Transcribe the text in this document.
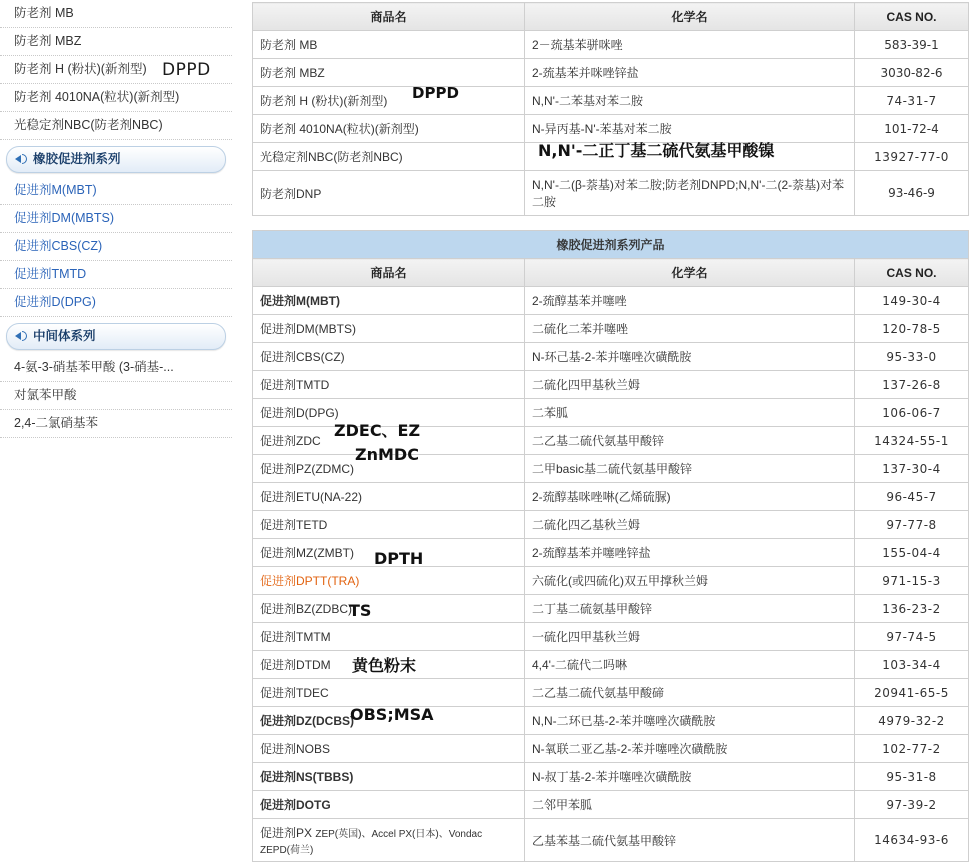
防老剂 MB
防老剂 MBZ
防老剂 H (粉状)(新剂型)
防老剂 4010NA(粒状)(新剂型)
光稳定剂NBC(防老剂NBC)
橡胶促进剂系列
促进剂M(MBT)
促进剂DM(MBTS)
促进剂CBS(CZ)
促进剂TMTD
促进剂D(DPG)
中间体系列
4-氨-3-硝基苯甲酸 (3-硝基-...
对氯苯甲酸
2,4-二氯硝基苯
DPPD
商品名	化学名	CAS NO.
防老剂 MB	2－巯基苯骈咪唑	583-39-1
防老剂 MBZ	2-巯基苯并咪唑锌盐	3030-82-6
防老剂 H (粉状)(新剂型)	N,N'-二苯基对苯二胺	74-31-7
防老剂 4010NA(粒状)(新剂型)	N-异丙基-N'-苯基对苯二胺	101-72-4
光稳定剂NBC(防老剂NBC)		13927-77-0
防老剂DNP	N,N'-二(β-萘基)对苯二胺;防老剂DNPD;N,N'-二(2-萘基)对苯二胺	93-46-9
DPPD
N,N'-二正丁基二硫代氨基甲酸镍
橡胶促进剂系列产品		
商品名	化学名	CAS NO.
促进剂M(MBT)	2-巯醇基苯并噻唑	149-30-4
促进剂DM(MBTS)	二硫化二苯并噻唑	120-78-5
促进剂CBS(CZ)	N-环己基-2-苯并噻唑次磺酰胺	95-33-0
促进剂TMTD	二硫化四甲基秋兰姆	137-26-8
促进剂D(DPG)	二苯胍	106-06-7
促进剂ZDC	二乙基二硫代氨基甲酸锌	14324-55-1
促进剂PZ(ZDMC)	二甲basic基二硫代氨基甲酸锌	137-30-4
促进剂ETU(NA-22)	2-巯醇基咪唑啉(乙烯硫脲)	96-45-7
促进剂TETD	二硫化四乙基秋兰姆	97-77-8
促进剂MZ(ZMBT)	2-巯醇基苯并噻唑锌盐	155-04-4
促进剂DPTT(TRA)	六硫化(或四硫化)双五甲撑秋兰姆	971-15-3
促进剂BZ(ZDBC)	二丁基二硫氨基甲酸锌	136-23-2
促进剂TMTM	一硫化四甲基秋兰姆	97-74-5
促进剂DTDM	4,4'-二硫代二吗啉	103-34-4
促进剂TDEC	二乙基二硫代氨基甲酸碲	20941-65-5
促进剂DZ(DCBS)	N,N-二环已基-2-苯并噻唑次磺酰胺	4979-32-2
促进剂NOBS	N-氧联二亚乙基-2-苯并噻唑次磺酰胺	102-77-2
促进剂NS(TBBS)	N-叔丁基-2-苯并噻唑次磺酰胺	95-31-8
促进剂DOTG	二邻甲苯胍	97-39-2
促进剂PX ZEP(英国)、Accel PX(日本)、Vondac ZEPD(荷兰)	乙基苯基二硫代氨基甲酸锌	14634-93-6
ZDEC、EZ
ZnMDC
DPTH
TS
黄色粉末
OBS;MSA
